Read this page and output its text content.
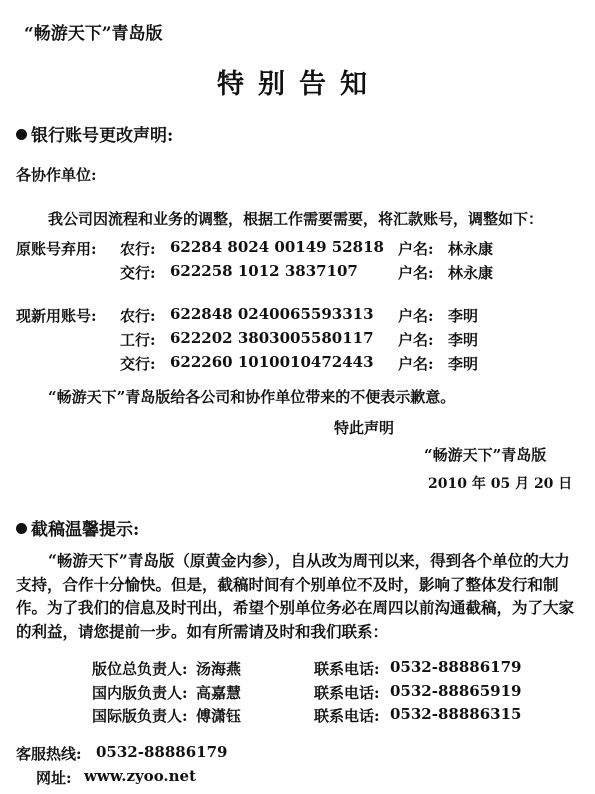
“畅游天下”青岛版
特别告知
银行账号更改声明:
各协作单位:
我公司因流程和业务的调整，根据工作需要需要，将汇款账号，调整如下：
原账号弃用: 农行: 62284 8024 00149 52818 户名: 林永康
交行: 622258 1012 3837107	户名: 林永康
现新用账号: 农行: 622848 0240065593313 户名: 李明
工行: 622202 3803005580117 户名: 李明
交行: 622260 1010010472443 户名: 李明
“畅游天下”青岛版给各公司和协作单位带来的不便表示歉意。
特此声明
“畅游天下”青岛版
2010 年 05 月 20 日
截稿温馨提示:
“畅游天下”青岛版（原黄金内参），自从改为周刊以来，得到各个单位的大力支持，合作十分愉快。但是，截稿时间有个别单位不及时，影响了整体发行和制作。为了我们的信息及时刊出，希望个别单位务必在周四以前沟通截稿，为了大家的利益，请您提前一步。如有所需请及时和我们联系：
版位总负责人: 汤海燕	联系电话: 0532-88886179
国内版负责人: 高嘉慧	联系电话: 0532-88865919
国际版负责人: 傅潇钰	联系电话: 0532-88886315
客服热线: 0532-88886179
网址: www.zyoo.net
